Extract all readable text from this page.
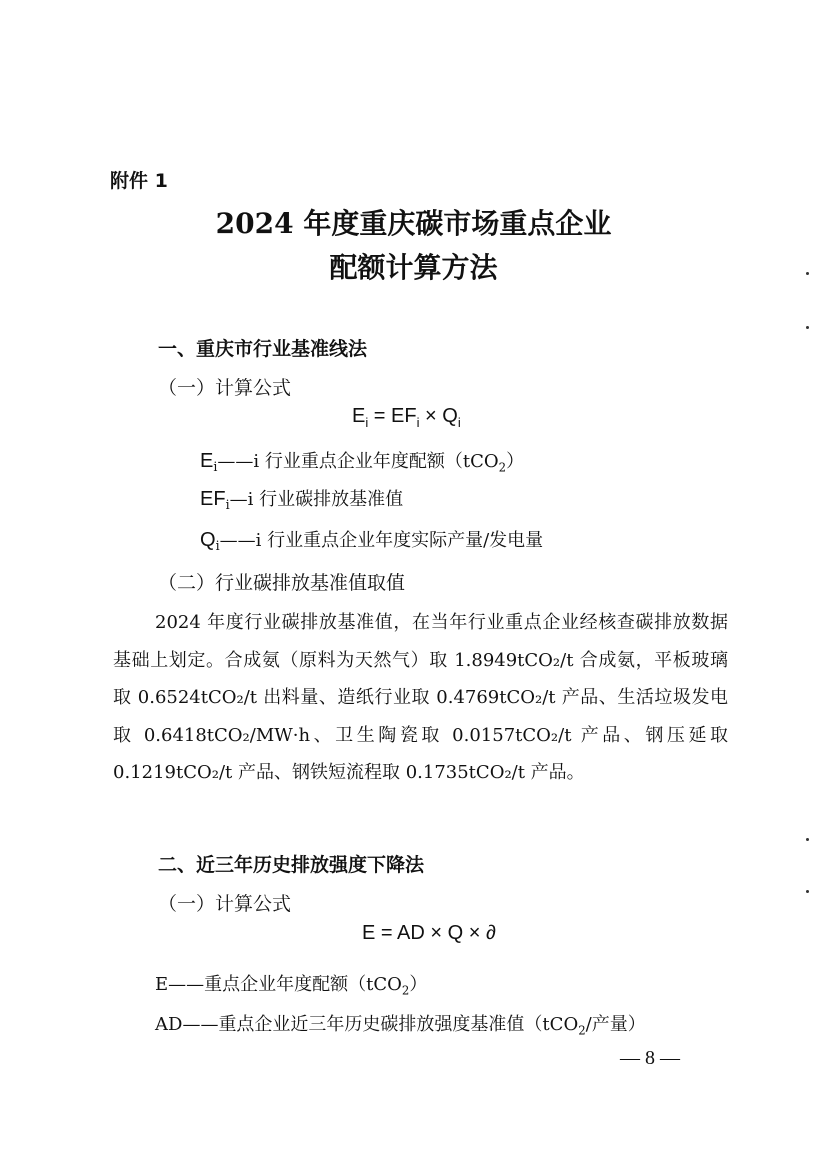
附件 1
2024 年度重庆碳市场重点企业
配额计算方法
一、重庆市行业基准线法
（一）计算公式
$E_i = EF_i \times Q_i$
$E_i——i$ 行业重点企业年度配额（tCO$_2$）
$EF_i—i$ 行业碳排放基准值
$Q_i——i$ 行业重点企业年度实际产量/发电量
（二）行业碳排放基准值取值
2024 年度行业碳排放基准值，在当年行业重点企业经核查碳排放数据基础上划定。合成氨（原料为天然气）取 1.8949tCO₂/t 合成氨，平板玻璃取 0.6524tCO₂/t 出料量、造纸行业取 0.4769tCO₂/t 产品、生活垃圾发电取 0.6418tCO₂/MW·h、卫生陶瓷取 0.0157tCO₂/t 产品、钢压延取 0.1219tCO₂/t 产品、钢铁短流程取 0.1735tCO₂/t 产品。
二、近三年历史排放强度下降法
（一）计算公式
E = AD × Q × ∂
E——重点企业年度配额（tCO$_2$）
AD——重点企业近三年历史碳排放强度基准值（tCO$_2$/产量）
— 8 —
